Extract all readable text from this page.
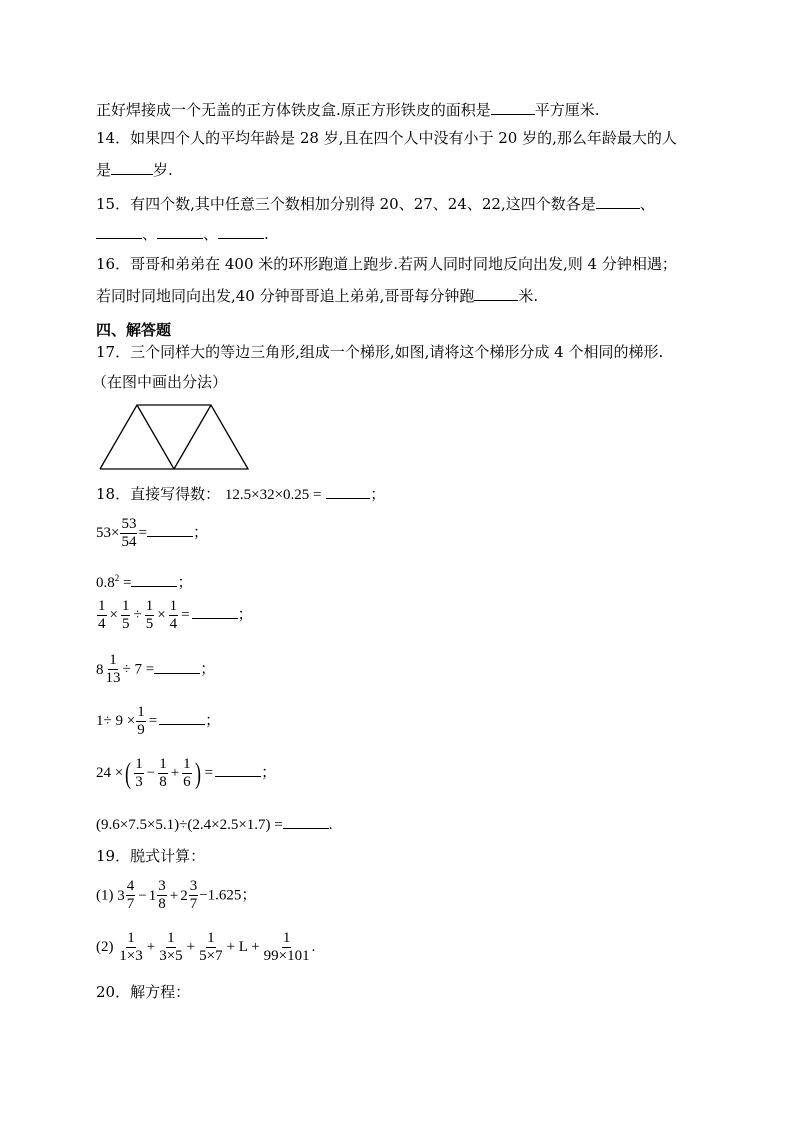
正好焊接成一个无盖的正方体铁皮盒.原正方形铁皮的面积是	平方厘米.
14．如果四个人的平均年龄是 28 岁,且在四个人中没有小于 20 岁的,那么年龄最大的人
是	岁.
15．有四个数,其中任意三个数相加分别得 20、27、24、22,这四个数各是	、
、	、	.
16．哥哥和弟弟在 400 米的环形跑道上跑步.若两人同时同地反向出发,则 4 分钟相遇；
若同时同地同向出发,40 分钟哥哥追上弟弟,哥哥每分钟跑	米.
四、解答题
17．三个同样大的等边三角形,组成一个梯形,如图,请将这个梯形分成 4 个相同的梯形.
（在图中画出分法）
18．直接写得数： 12.5×32×0.25 =	；
$53\times \frac{53}{54}$ =	；
$0.8^2$ =	；
$\frac{1}{4} \times \frac{1}{5} \div \frac{1}{5} \times \frac{1}{4}$ =	；
$8 \frac{1}{13} \div 7$ =	；
$1\div 9 \times \frac{1}{9}$ =	；
24 ×( $\frac{1}{3} - \frac{1}{8} + \frac{1}{6}$ ) =	；
(9.6×7.5×5.1)÷(2.4×2.5×1.7) =	.
19．脱式计算：
(1) $3 \frac{4}{7} - 1 \frac{3}{8} + 2 \frac{3}{7} -1.625$；
$(2) \frac{1}{1\times 3} + \frac{1}{3\times 5} + \frac{1}{5\times 7} + L + \frac{1}{99\times 101}$ .
20．解方程：
